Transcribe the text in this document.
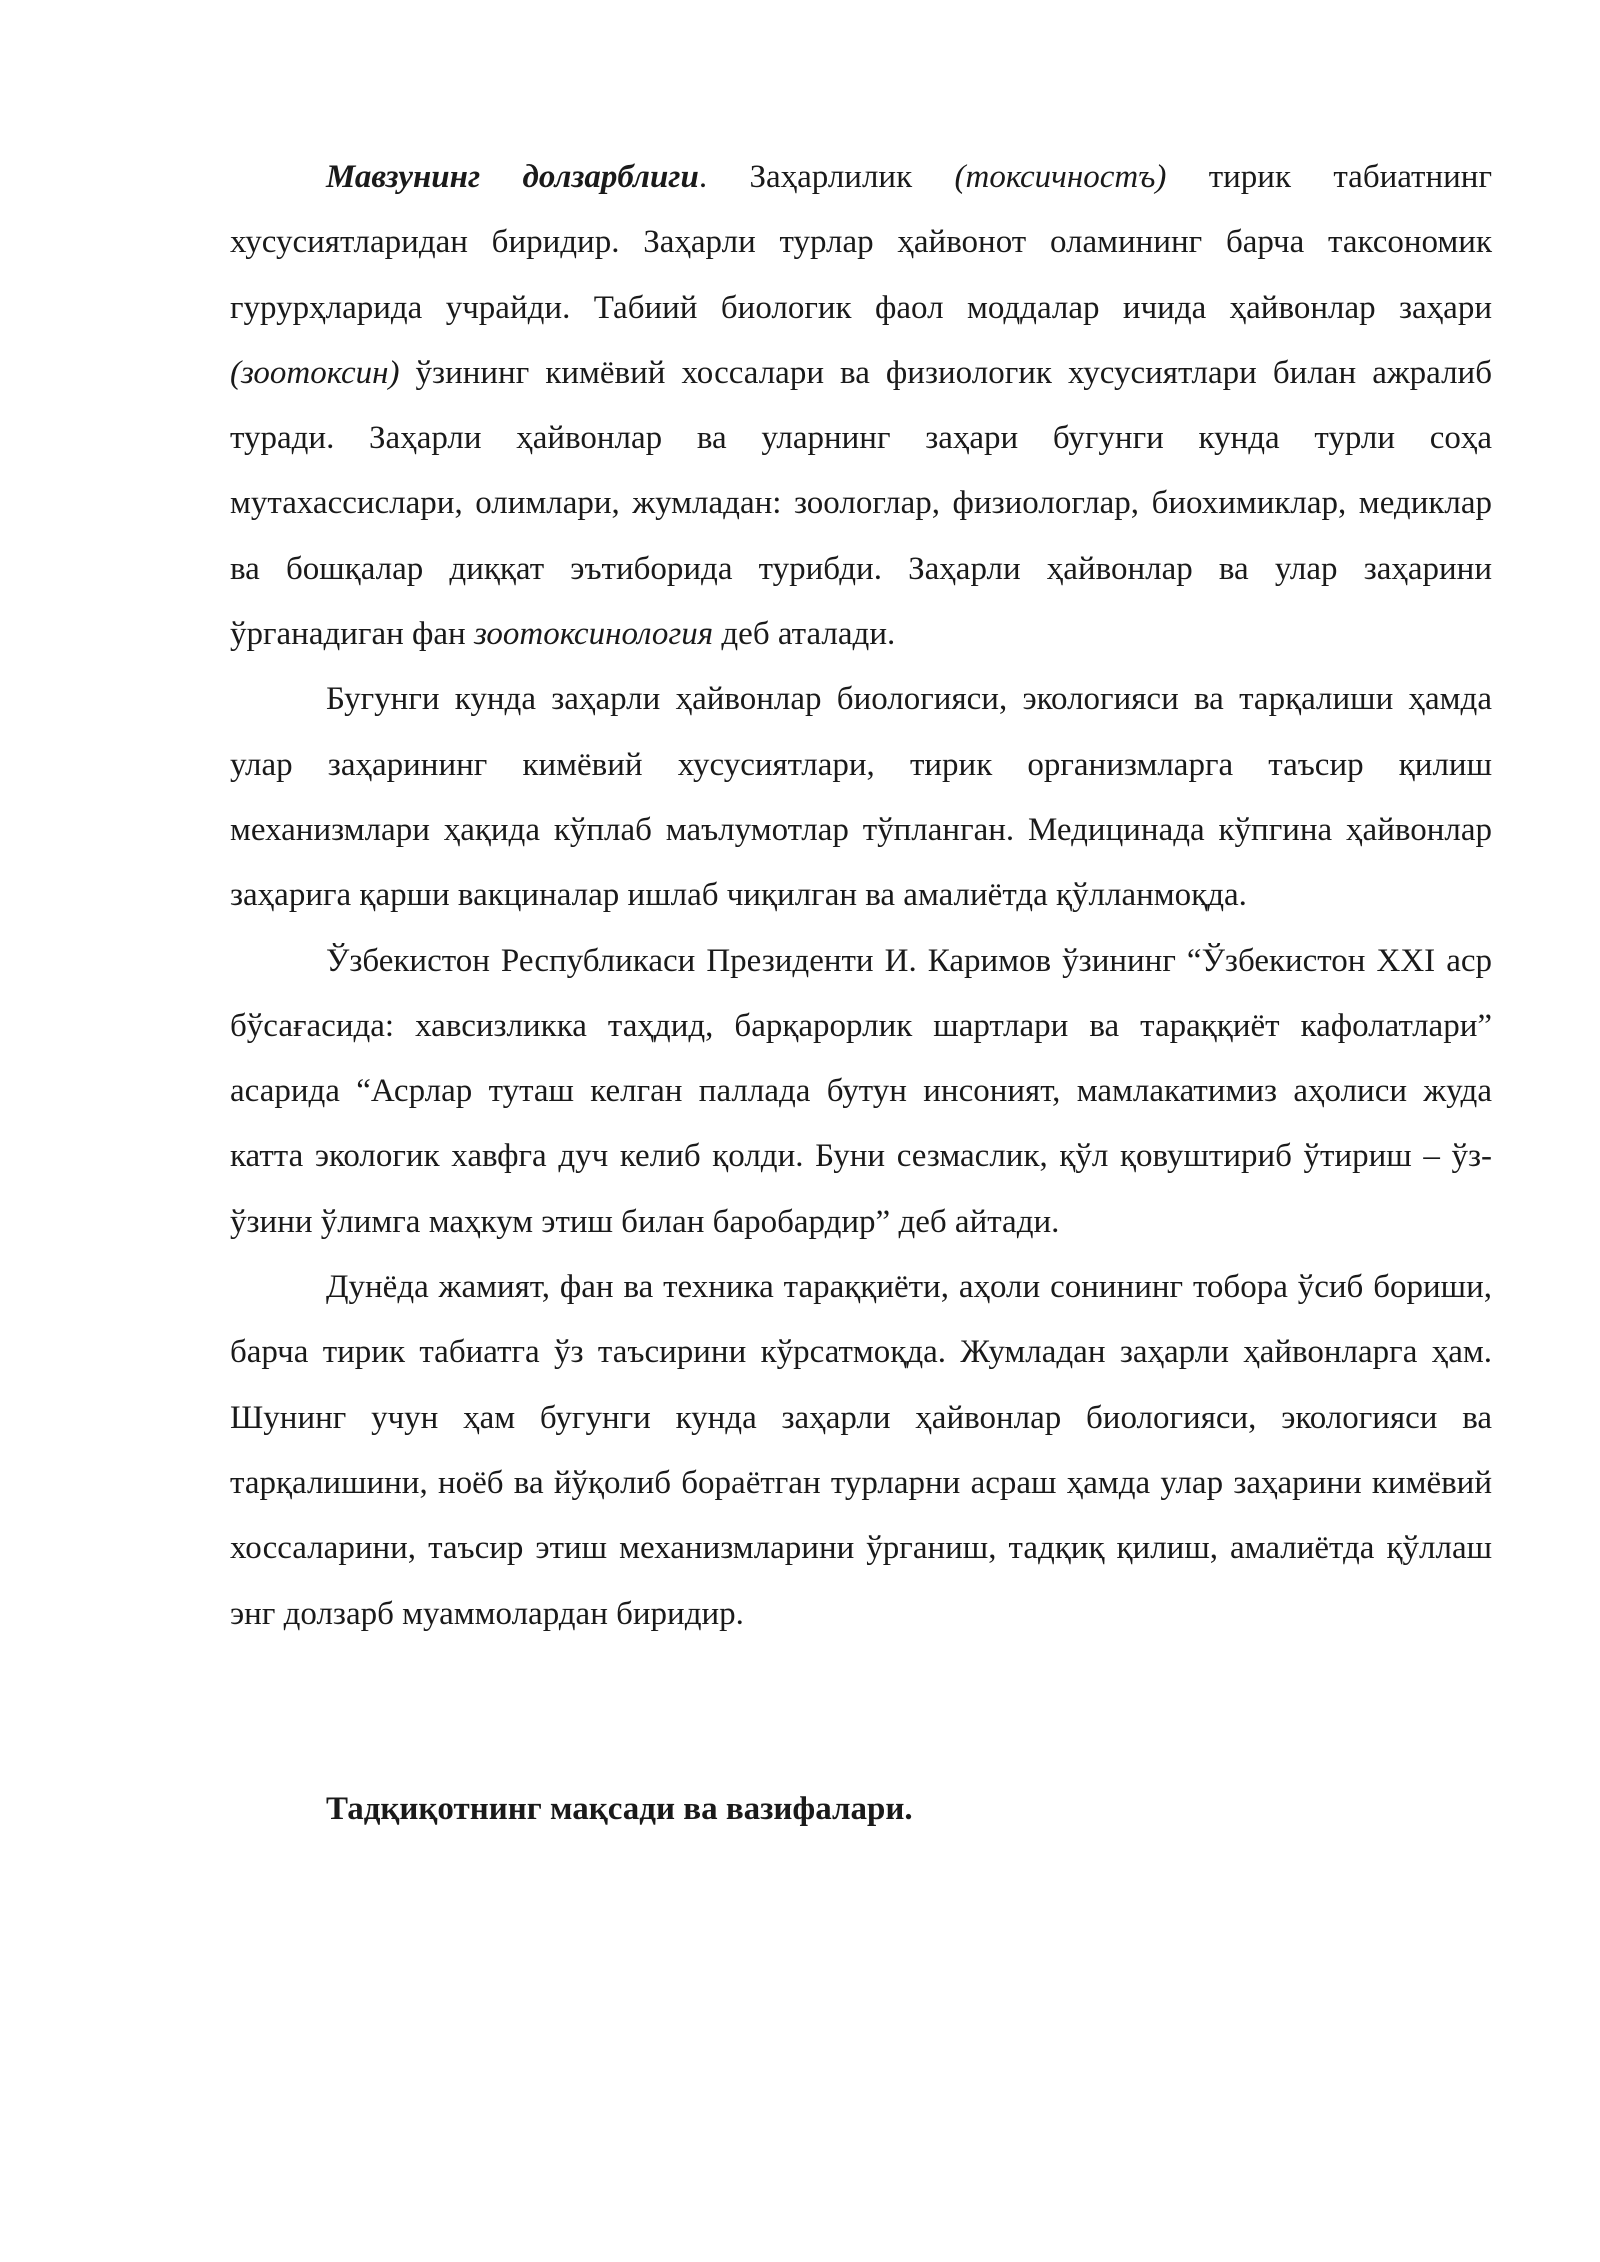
Мавзунинг долзарблиги. Заҳарлилик (токсичностъ) тирик табиатнинг хусусиятларидан биридир. Заҳарли турлар ҳайвонот оламининг барча таксономик гурурҳларида учрайди. Табиий биологик фаол моддалар ичида ҳайвонлар заҳари (зоотоксин) ўзининг кимёвий хоссалари ва физиологик хусусиятлари билан ажралиб туради. Заҳарли ҳайвонлар ва уларнинг заҳари бугунги кунда турли соҳа мутахассислари, олимлари, жумладан: зоологлар, физиологлар, биохимиклар, медиклар ва бошқалар диққат эътиборида турибди. Заҳарли ҳайвонлар ва улар заҳарини ўрганадиган фан зоотоксинология деб аталади.

Бугунги кунда заҳарли ҳайвонлар биологияси, экологияси ва тарқалиши ҳамда улар заҳарининг кимёвий хусусиятлари, тирик организмларга таъсир қилиш механизмлари ҳақида кўплаб маълумотлар тўпланган. Медицинада кўпгина ҳайвонлар заҳарига қарши вакциналар ишлаб чиқилган ва амалиётда қўлланмоқда.

Ўзбекистон Республикаси Президенти И. Каримов ўзининг “Ўзбекистон XXI аср бўсағасида: хавсизликка таҳдид, барқарорлик шартлари ва тараққиёт кафолатлари” асарида “Асрлар туташ келган паллада бутун инсоният, мамлакатимиз аҳолиси жуда катта экологик хавфга дуч келиб қолди. Буни сезмаслик, қўл қовуштириб ўтириш – ўз-ўзини ўлимга маҳкум этиш билан баробардир” деб айтади.

Дунёда жамият, фан ва техника тараққиёти, аҳоли сонининг тобора ўсиб бориши, барча тирик табиатга ўз таъсирини кўрсатмоқда. Жумладан заҳарли ҳайвонларга ҳам. Шунинг учун ҳам бугунги кунда заҳарли ҳайвонлар биологияси, экологияси ва тарқалишини, ноёб ва йўқолиб бораётган турларни асраш ҳамда улар заҳарини кимёвий хоссаларини, таъсир этиш механизмларини ўрганиш, тадқиқ қилиш, амалиётда қўллаш энг долзарб муаммолардан биридир.

Тадқиқотнинг мақсади ва вазифалари.
